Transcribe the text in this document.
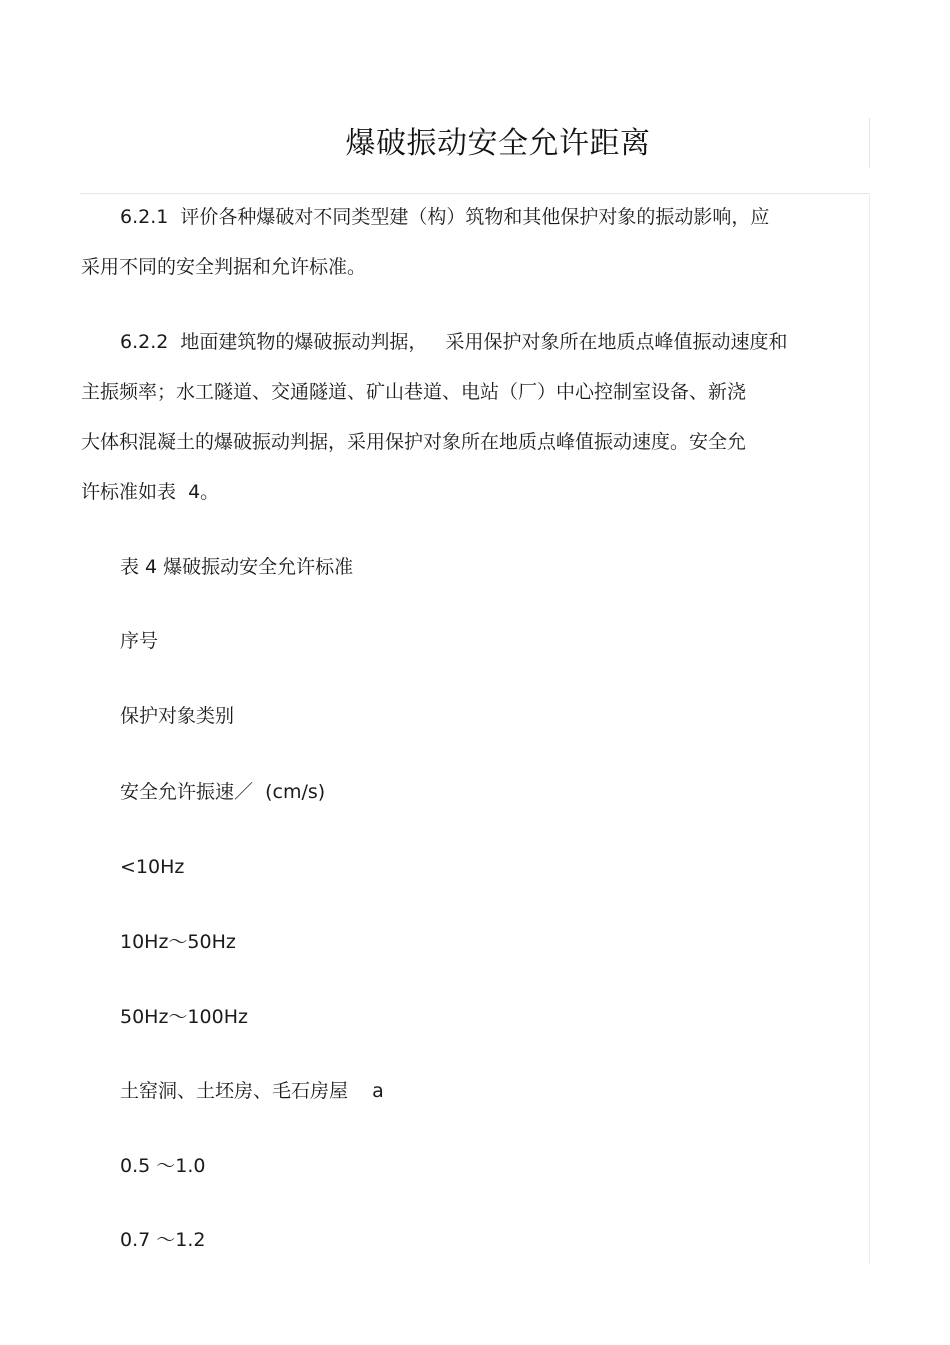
爆破振动安全允许距离
6.2.1  评价各种爆破对不同类型建（构）筑物和其他保护对象的振动影响，应
采用不同的安全判据和允许标准。
6.2.2  地面建筑物的爆破振动判据，   采用保护对象所在地质点峰值振动速度和
主振频率；水工隧道、交通隧道、矿山巷道、电站（厂）中心控制室设备、新浇
大体积混凝土的爆破振动判据，采用保护对象所在地质点峰值振动速度。安全允
许标准如表  4。
表 4 爆破振动安全允许标准
序号
保护对象类别
安全允许振速／  (cm/s)
<10Hz
10Hz～50Hz
50Hz～100Hz
土窑洞、土坯房、毛石房屋    a
0.5 ～1.0
0.7 ～1.2
